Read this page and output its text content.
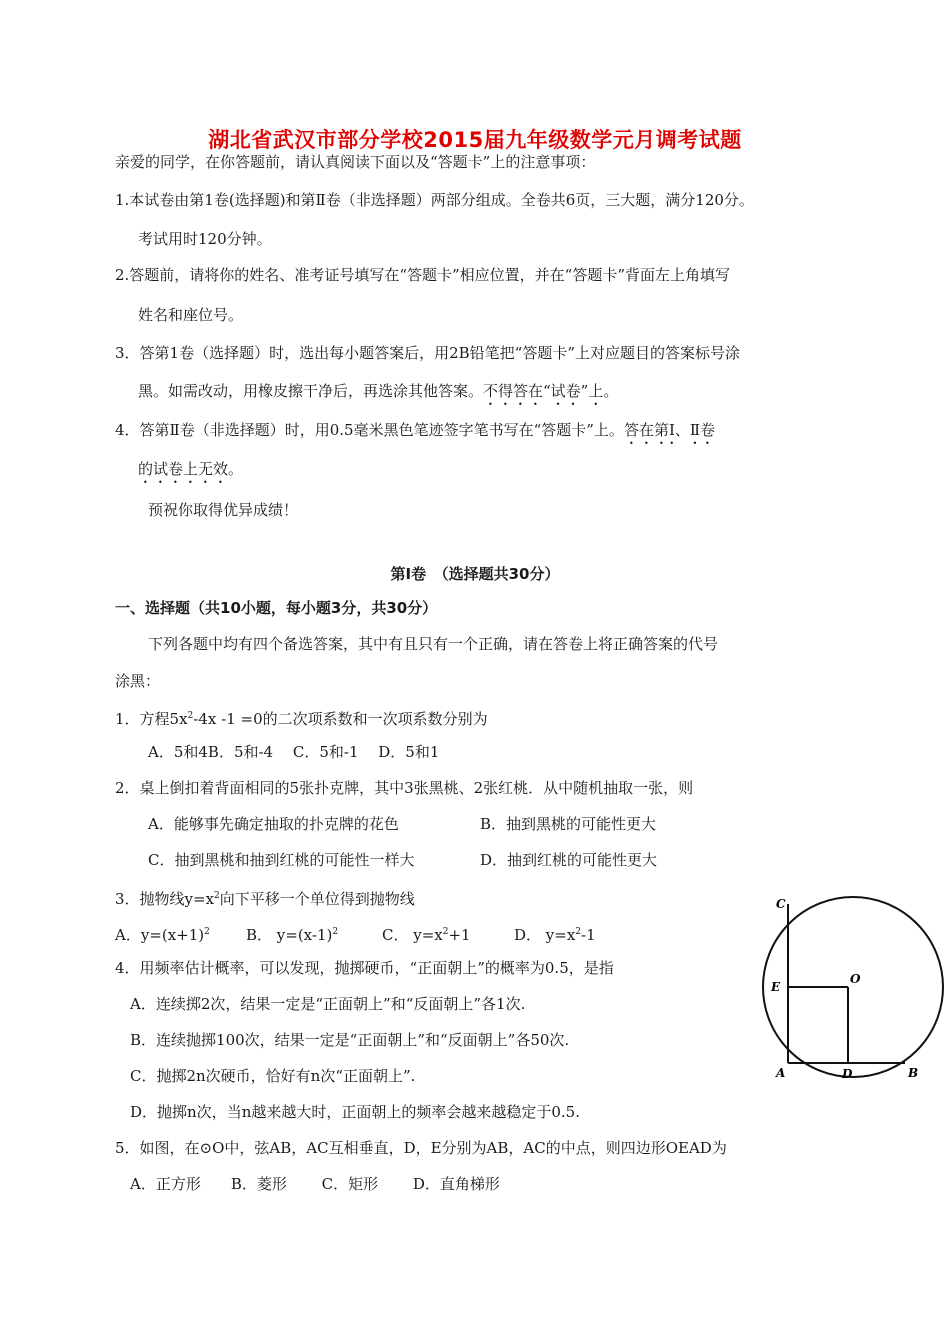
湖北省武汉市部分学校2015届九年级数学元月调考试题
亲爱的同学，在你答题前，请认真阅读下面以及“答题卡”上的注意事项：
1.本试卷由第1卷(选择题)和第Ⅱ卷（非选择题）两部分组成。全卷共6页，三大题，满分120分。
考试用时120分钟。
2.答题前，请将你的姓名、准考证号填写在“答题卡”相应位置，并在“答题卡”背面左上角填写
姓名和座位号。
3．答第1卷（选择题）时，选出每小题答案后，用2B铅笔把“答题卡”上对应题目的答案标号涂
黑。如需改动，用橡皮擦干净后，再选涂其他答案。不得答在“试卷”上。
4．答第Ⅱ卷（非选择题）时，用0.5毫米黑色笔迹签字笔书写在“答题卡”上。答在第Ⅰ、Ⅱ卷
的试卷上无效。
预祝你取得优异成绩！
第Ⅰ卷　（选择题共30分）
一、选择题（共10小题，每小题3分，共30分）
下列各题中均有四个备选答案，其中有且只有一个正确，请在答卷上将正确答案的代号
涂黑：
1．方程$5x^2-4x$ -1 =0的二次项系数和一次项系数分别为
A．5和4B．5和-4　 C．5和-1　 D．5和1
2．桌上倒扣着背面相同的5张扑克牌，其中3张黑桃、2张红桃．从中随机抽取一张，则
A．能够事先确定抽取的扑克牌的花色	B．抽到黑桃的可能性更大
C．抽到黑桃和抽到红桃的可能性一样大	D．抽到红桃的可能性更大
3．抛物线$y=x^2$向下平移一个单位得到抛物线
A．$y=(x+1)^2$ B． $y=(x-1)^2$	C． $y=x^2+1$	D． $y=x^2-1$
4．用频率估计概率，可以发现，抛掷硬币，“正面朝上”的概率为0.5，是指
A．连续掷2次，结果一定是“正面朝上”和“反面朝上”各1次.
B．连续抛掷100次，结果一定是“正面朝上”和“反面朝上”各50次.
C．抛掷2n次硬币，恰好有n次“正面朝上”.
D．抛掷n次，当n越来越大时，正面朝上的频率会越来越稳定于0.5.
5．如图，在⊙O中，弦AB，AC互相垂直，D，E分别为AB，AC的中点，则四边形OEAD为
A．正方形　　B．菱形　　 C．矩形　　 D．直角梯形
C
E
O
A	D	B
